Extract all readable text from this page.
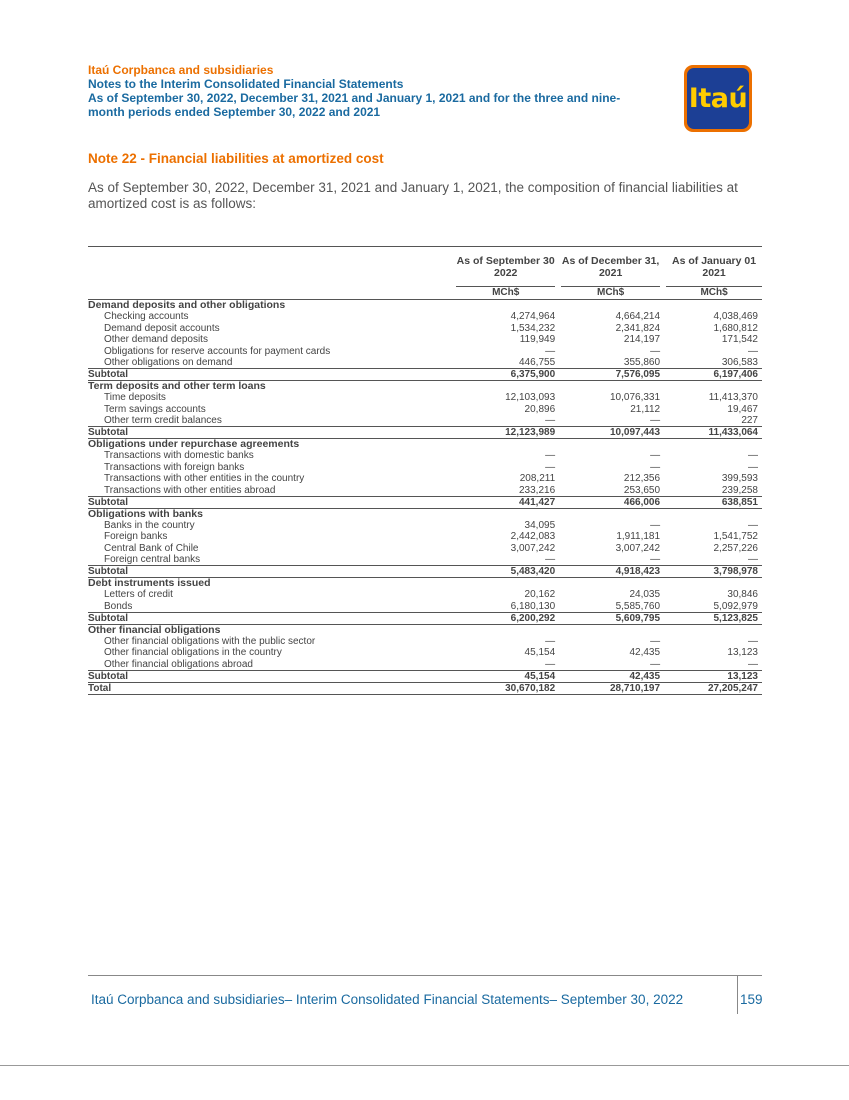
Itaú Corpbanca and subsidiaries
Notes to the Interim Consolidated Financial Statements
As of September 30, 2022, December 31, 2021 and January 1, 2021 and for the three and nine-
month periods ended September 30, 2022 and 2021	Itaú
Note 22 - Financial liabilities at amortized cost
As of September 30, 2022, December 31, 2021 and January 1, 2021, the composition of financial liabilities at amortized cost is as follows:
	As of September 30 2022		As of December 31, 2021		As of January 01 2021
	MCh$		MCh$		MCh$
Demand deposits and other obligations					
Checking accounts	4,274,964		4,664,214		4,038,469
Demand deposit accounts	1,534,232		2,341,824		1,680,812
Other demand deposits	119,949		214,197		171,542
Obligations for reserve accounts for payment cards	—		—		—
Other obligations on demand	446,755		355,860		306,583
Subtotal	6,375,900		7,576,095		6,197,406
Term deposits and other term loans					
Time deposits	12,103,093		10,076,331		11,413,370
Term savings accounts	20,896		21,112		19,467
Other term credit balances	—		—		227
Subtotal	12,123,989		10,097,443		11,433,064
Obligations under repurchase agreements					
Transactions with domestic banks	—		—		—
Transactions with foreign banks	—		—		—
Transactions with other entities in the country	208,211		212,356		399,593
Transactions with other entities abroad	233,216		253,650		239,258
Subtotal	441,427		466,006		638,851
Obligations with banks					
Banks in the country	34,095		—		—
Foreign banks	2,442,083		1,911,181		1,541,752
Central Bank of Chile	3,007,242		3,007,242		2,257,226
Foreign central banks	—		—		—
Subtotal	5,483,420		4,918,423		3,798,978
Debt instruments issued					
Letters of credit	20,162		24,035		30,846
Bonds	6,180,130		5,585,760		5,092,979
Subtotal	6,200,292		5,609,795		5,123,825
Other financial obligations					
Other financial obligations with the public sector	—		—		—
Other financial obligations in the country	45,154		42,435		13,123
Other financial obligations abroad	—		—		—
Subtotal	45,154		42,435		13,123
Total	30,670,182		28,710,197		27,205,247
Itaú Corpbanca and subsidiaries– Interim Consolidated Financial Statements– September 30, 2022	159
